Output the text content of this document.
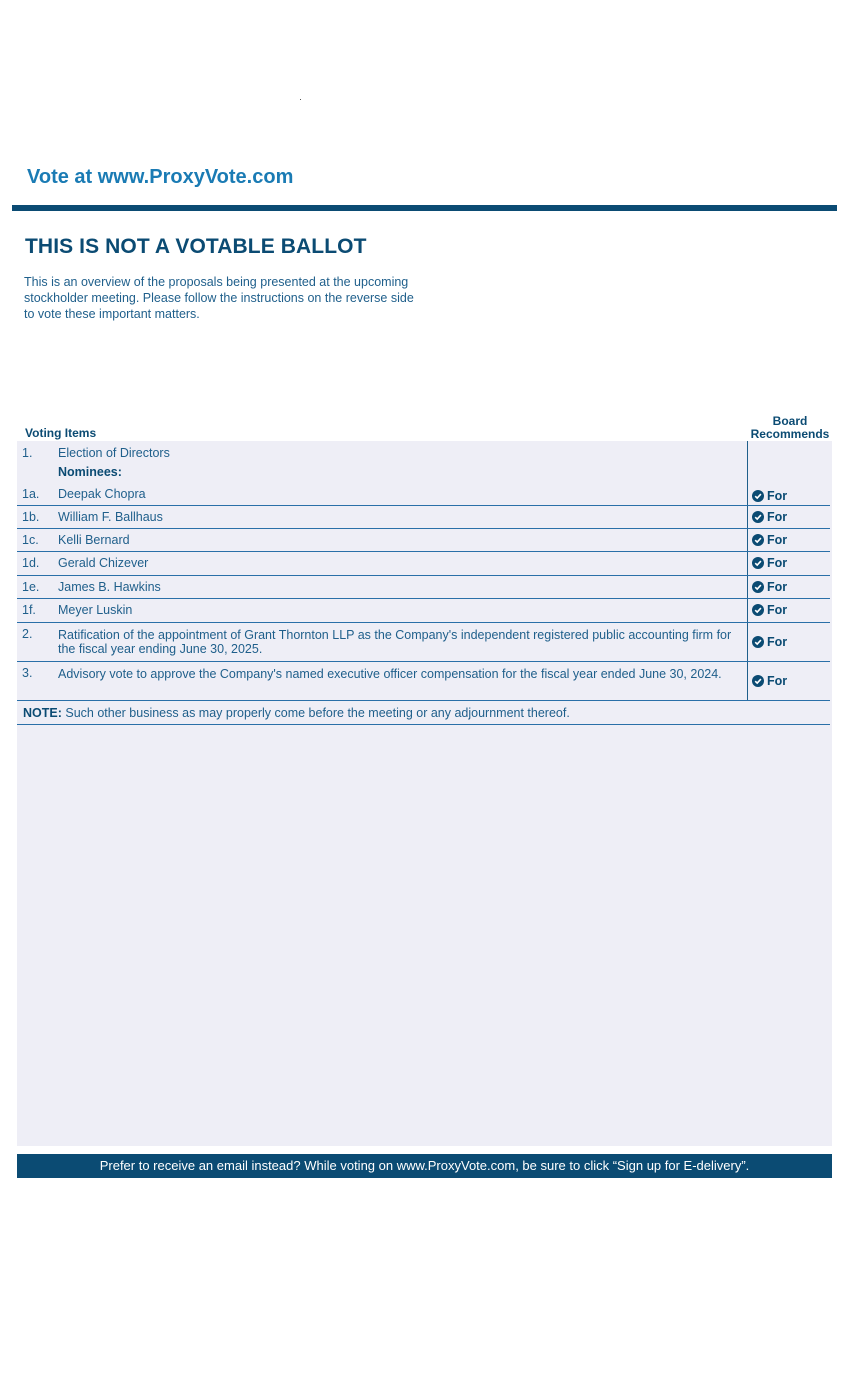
Vote at www.ProxyVote.com
THIS IS NOT A VOTABLE BALLOT
This is an overview of the proposals being presented at the upcoming stockholder meeting. Please follow the instructions on the reverse side to vote these important matters.
Voting Items
Board
Recommends
1. Election of Directors
Nominees:
1a. Deepak Chopra	For
1b. William F. Ballhaus	For
1c. Kelli Bernard	For
1d. Gerald Chizever	For
1e. James B. Hawkins	For
1f. Meyer Luskin	For
2. Ratification of the appointment of Grant Thornton LLP as the Company's independent registered public accounting firm for the fiscal year ending June 30, 2025.	For
3. Advisory vote to approve the Company's named executive officer compensation for the fiscal year ended June 30, 2024.	For
NOTE: Such other business as may properly come before the meeting or any adjournment thereof.
Prefer to receive an email instead? While voting on www.ProxyVote.com, be sure to click “Sign up for E-delivery”.
